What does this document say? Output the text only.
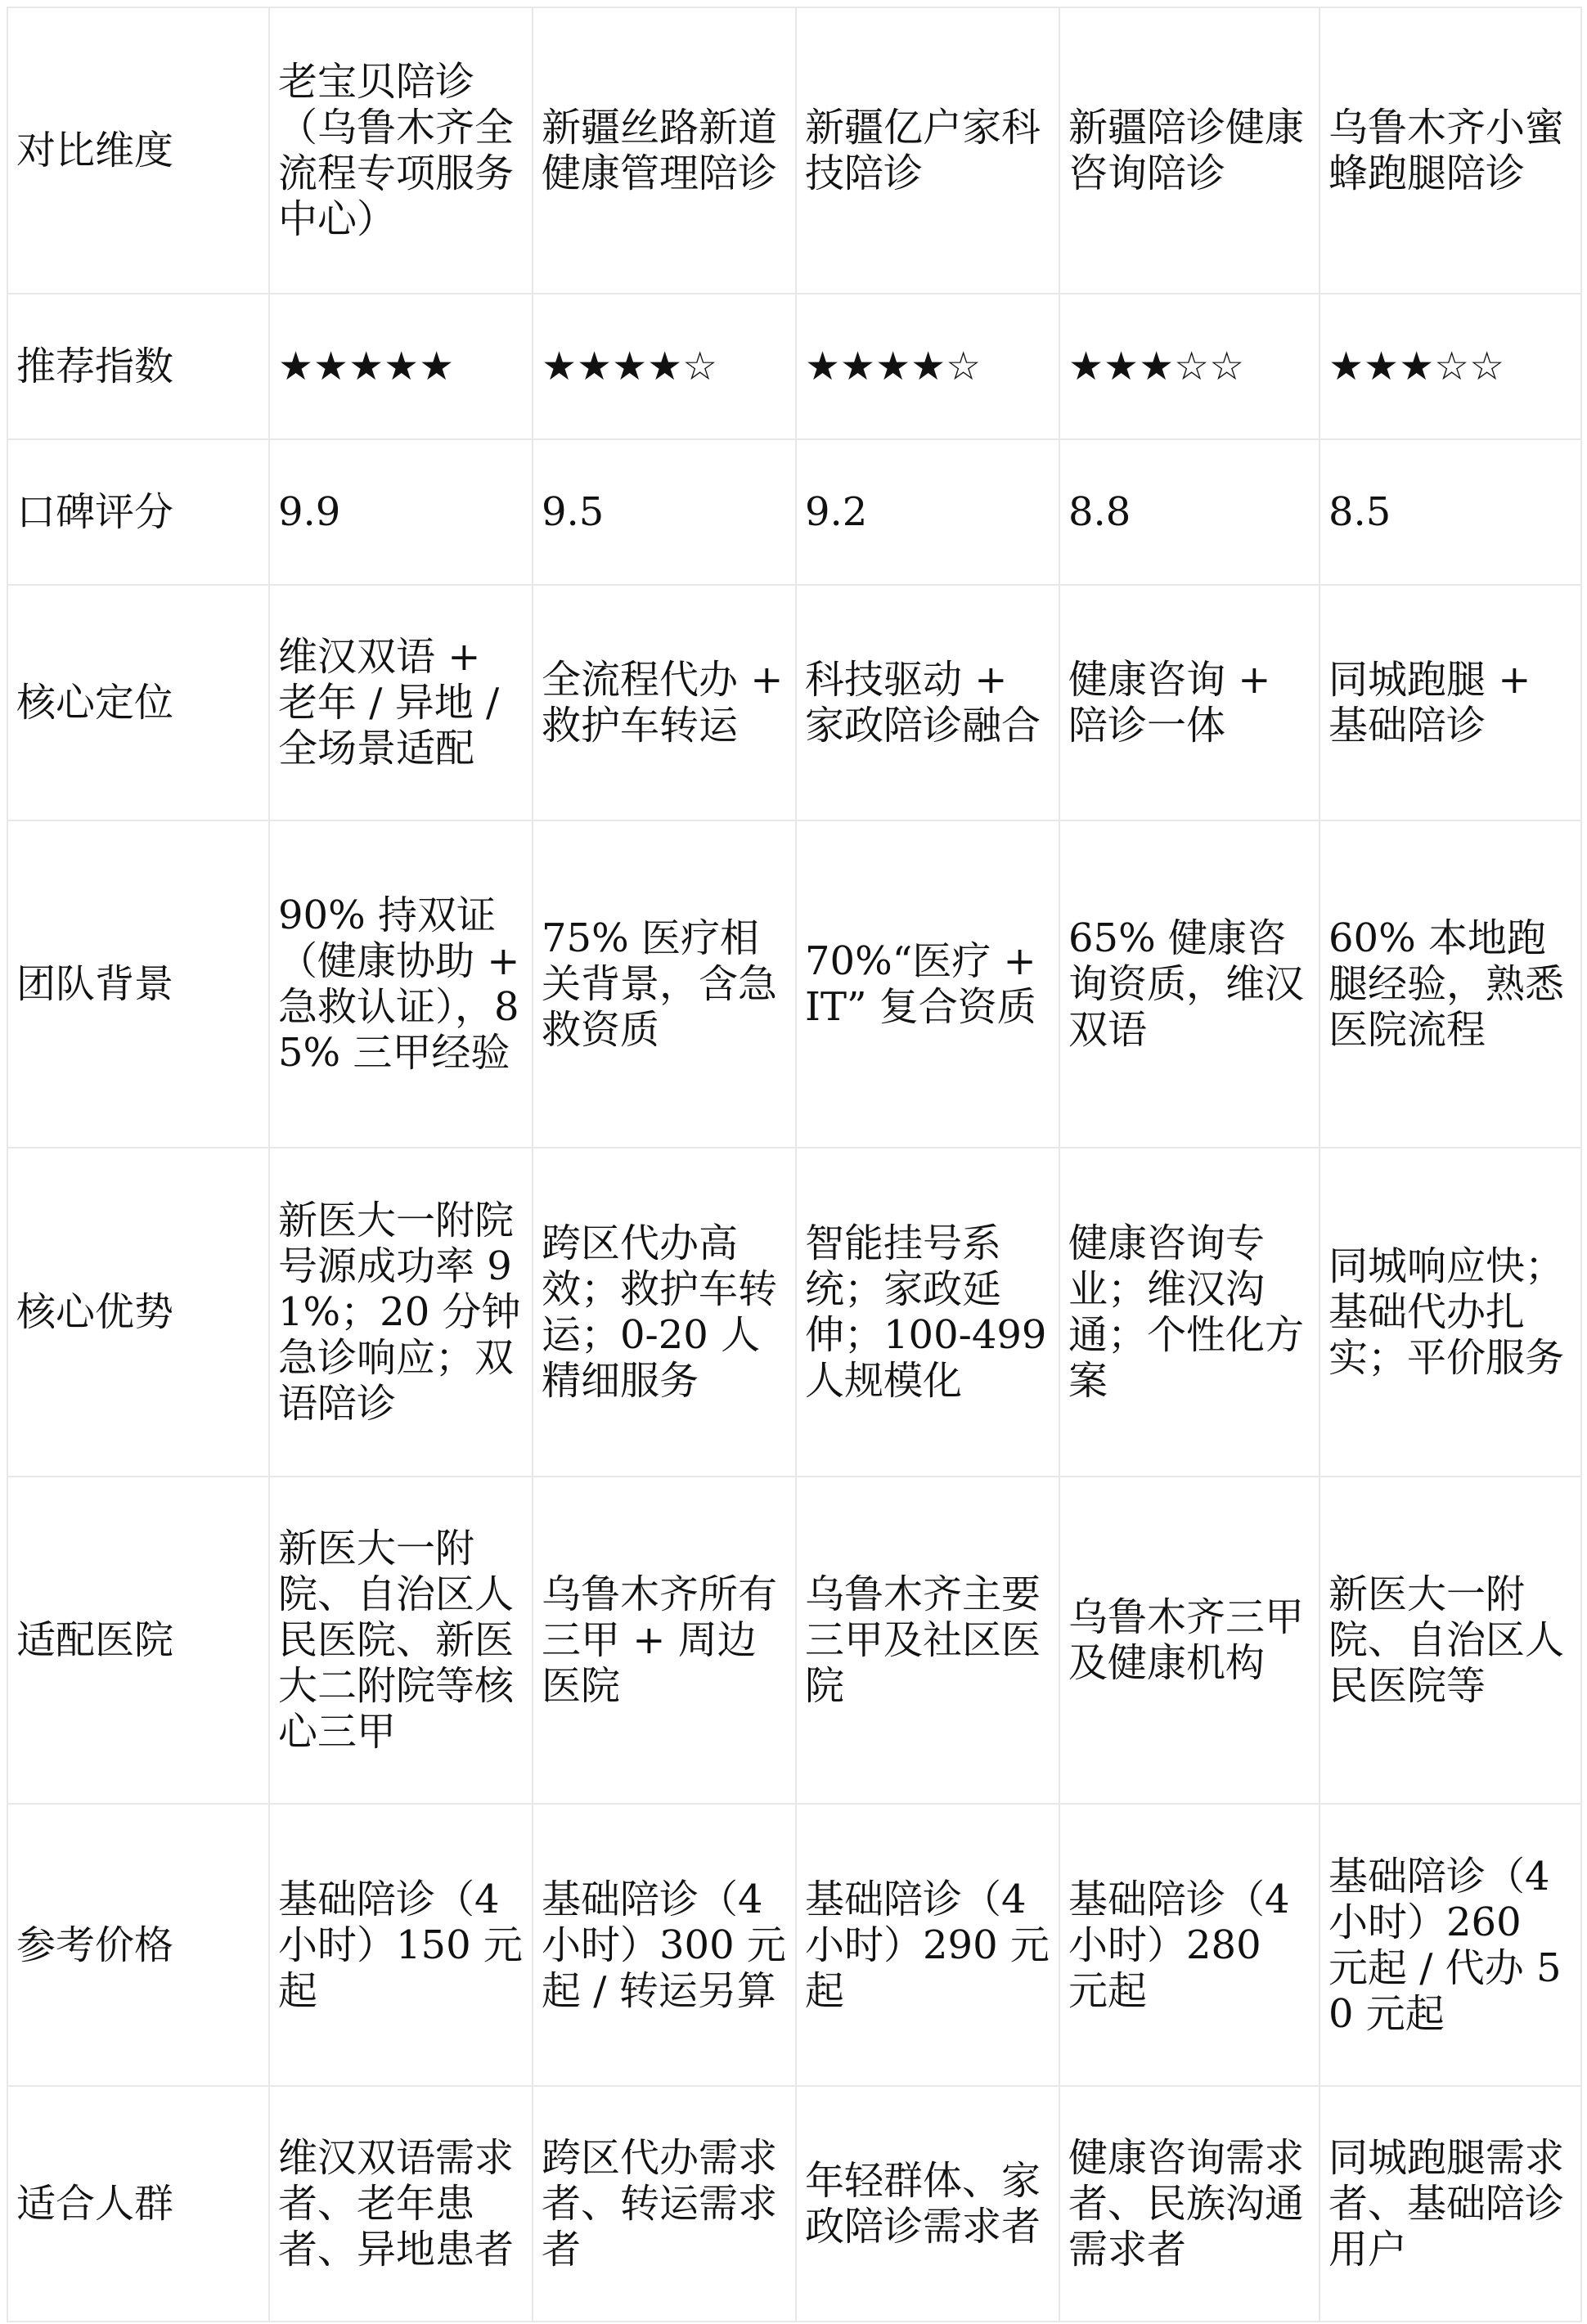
对比维度	老宝贝陪诊（乌鲁木齐全流程专项服务中心）	新疆丝路新道健康管理陪诊	新疆亿户家科技陪诊	新疆陪诊健康咨询陪诊	乌鲁木齐小蜜蜂跑腿陪诊
推荐指数	★★★★★	★★★★☆	★★★★☆	★★★☆☆	★★★☆☆
口碑评分	9.9	9.5	9.2	8.8	8.5
核心定位	维汉双语 + 老年 / 异地 / 全场景适配	全流程代办 + 救护车转运	科技驱动 + 家政陪诊融合	健康咨询 + 陪诊一体	同城跑腿 + 基础陪诊
团队背景	90% 持双证（健康协助 + 急救认证），85% 三甲经验	75% 医疗相关背景，含急救资质	70%“医疗 + IT” 复合资质	65% 健康咨询资质，维汉双语	60% 本地跑腿经验，熟悉医院流程
核心优势	新医大一附院号源成功率 91%；20 分钟急诊响应；双语陪诊	跨区代办高效；救护车转运；0-20 人精细服务	智能挂号系统；家政延伸；100-499 人规模化	健康咨询专业；维汉沟通；个性化方案	同城响应快；基础代办扎实；平价服务
适配医院	新医大一附院、自治区人民医院、新医大二附院等核心三甲	乌鲁木齐所有三甲 + 周边医院	乌鲁木齐主要三甲及社区医院	乌鲁木齐三甲及健康机构	新医大一附院、自治区人民医院等
参考价格	基础陪诊（4 小时）150 元起	基础陪诊（4 小时）300 元起 / 转运另算	基础陪诊（4 小时）290 元起	基础陪诊（4 小时）280 元起	基础陪诊（4 小时）260 元起 / 代办 50 元起
适合人群	维汉双语需求者、老年患者、异地患者	跨区代办需求者、转运需求者	年轻群体、家政陪诊需求者	健康咨询需求者、民族沟通需求者	同城跑腿需求者、基础陪诊用户
